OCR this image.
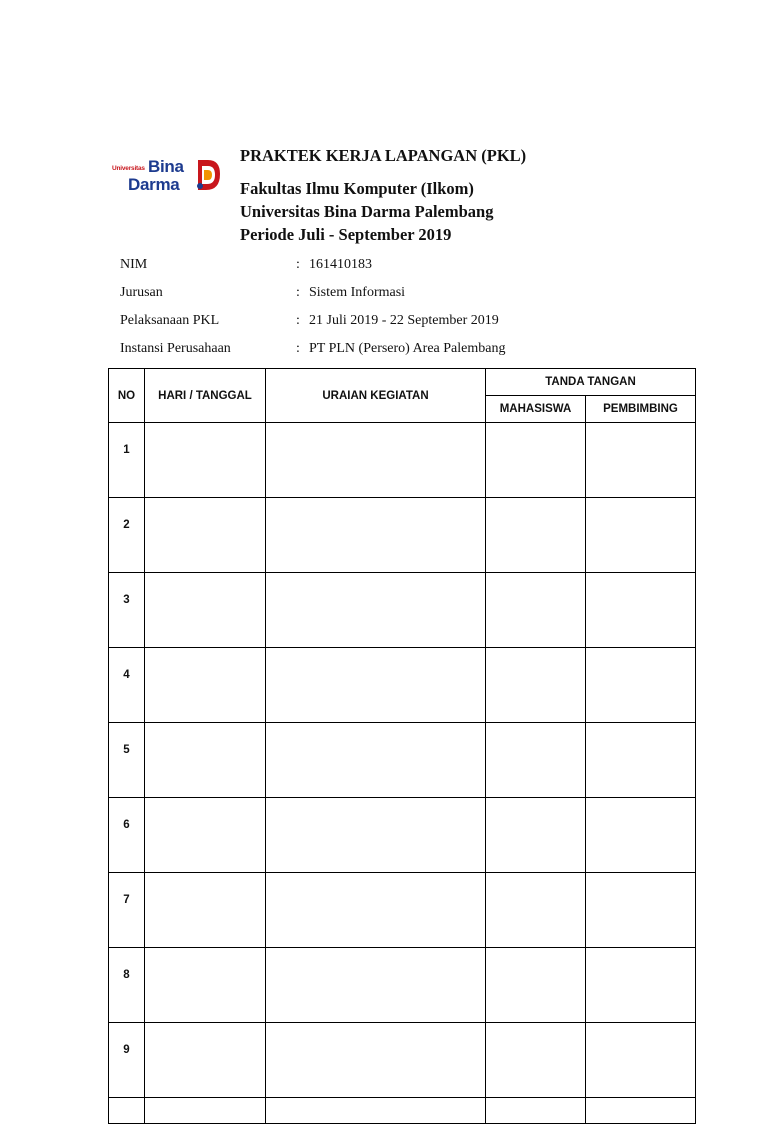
Universitas Bina
Darma
PRAKTEK KERJA LAPANGAN (PKL)
Fakultas Ilmu Komputer (Ilkom)
Universitas Bina Darma Palembang
Periode Juli - September 2019
NIM	: 161410183
Jurusan	: Sistem Informasi
Pelaksanaan PKL	: 21 Juli 2019 - 22 September 2019
Instansi Perusahaan	: PT PLN (Persero) Area Palembang
NO	HARI / TANGGAL	URAIAN KEGIATAN	TANDA TANGAN	
			MAHASISWA	PEMBIMBING
1				
2				
3				
4				
5				
6				
7				
8				
9				
